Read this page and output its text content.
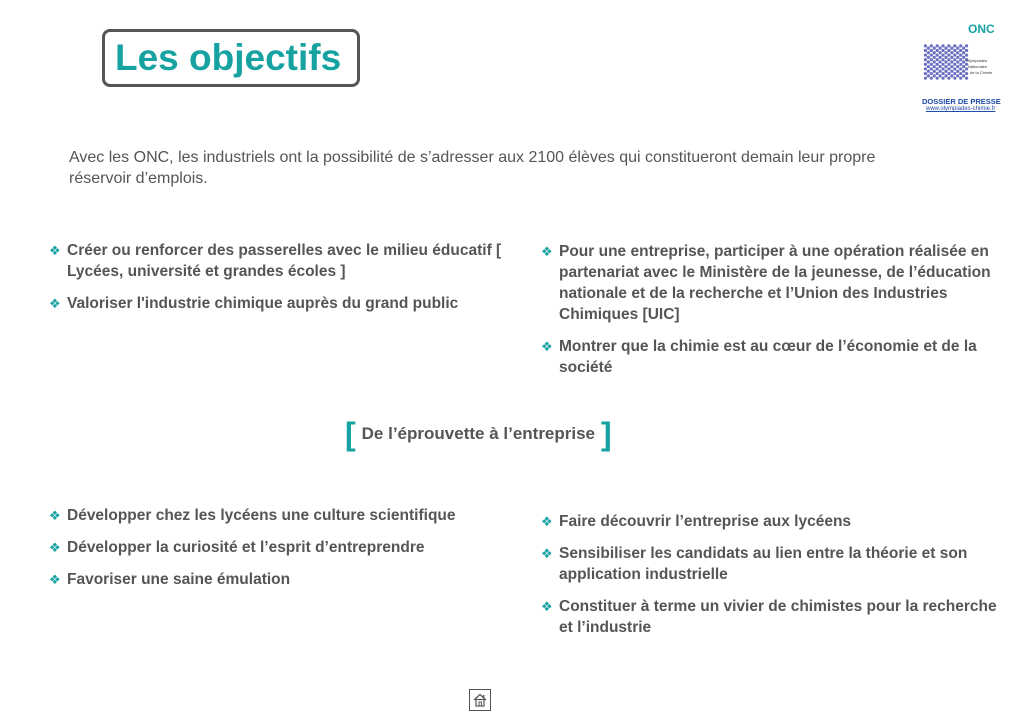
Les objectifs
ONC
Olympiades
Nationales
de la Chimie
DOSSIER DE PRESSE
www.olympiades-chimie.fr
Avec les ONC, les industriels ont la possibilité de s’adresser aux 2100 élèves qui constitueront demain leur propre réservoir d’emplois.
❖ Créer ou renforcer des passerelles avec le milieu éducatif [ Lycées, université et grandes écoles ]
❖ Valoriser l'industrie chimique auprès du grand public
❖ Pour une entreprise, participer à une opération réalisée en partenariat avec le Ministère de la jeunesse, de l’éducation nationale et de la recherche et l’Union des Industries Chimiques [UIC]
❖ Montrer que la chimie est au cœur de l’économie et de la société
[ De l’éprouvette à l’entreprise ]
❖ Développer chez les lycéens une culture scientifique
❖ Développer la curiosité et l’esprit d’entreprendre
❖ Favoriser une saine émulation
❖ Faire découvrir l’entreprise aux lycéens
❖ Sensibiliser les candidats au lien entre la théorie et son application industrielle
❖ Constituer à terme un vivier de chimistes pour la recherche et l’industrie
